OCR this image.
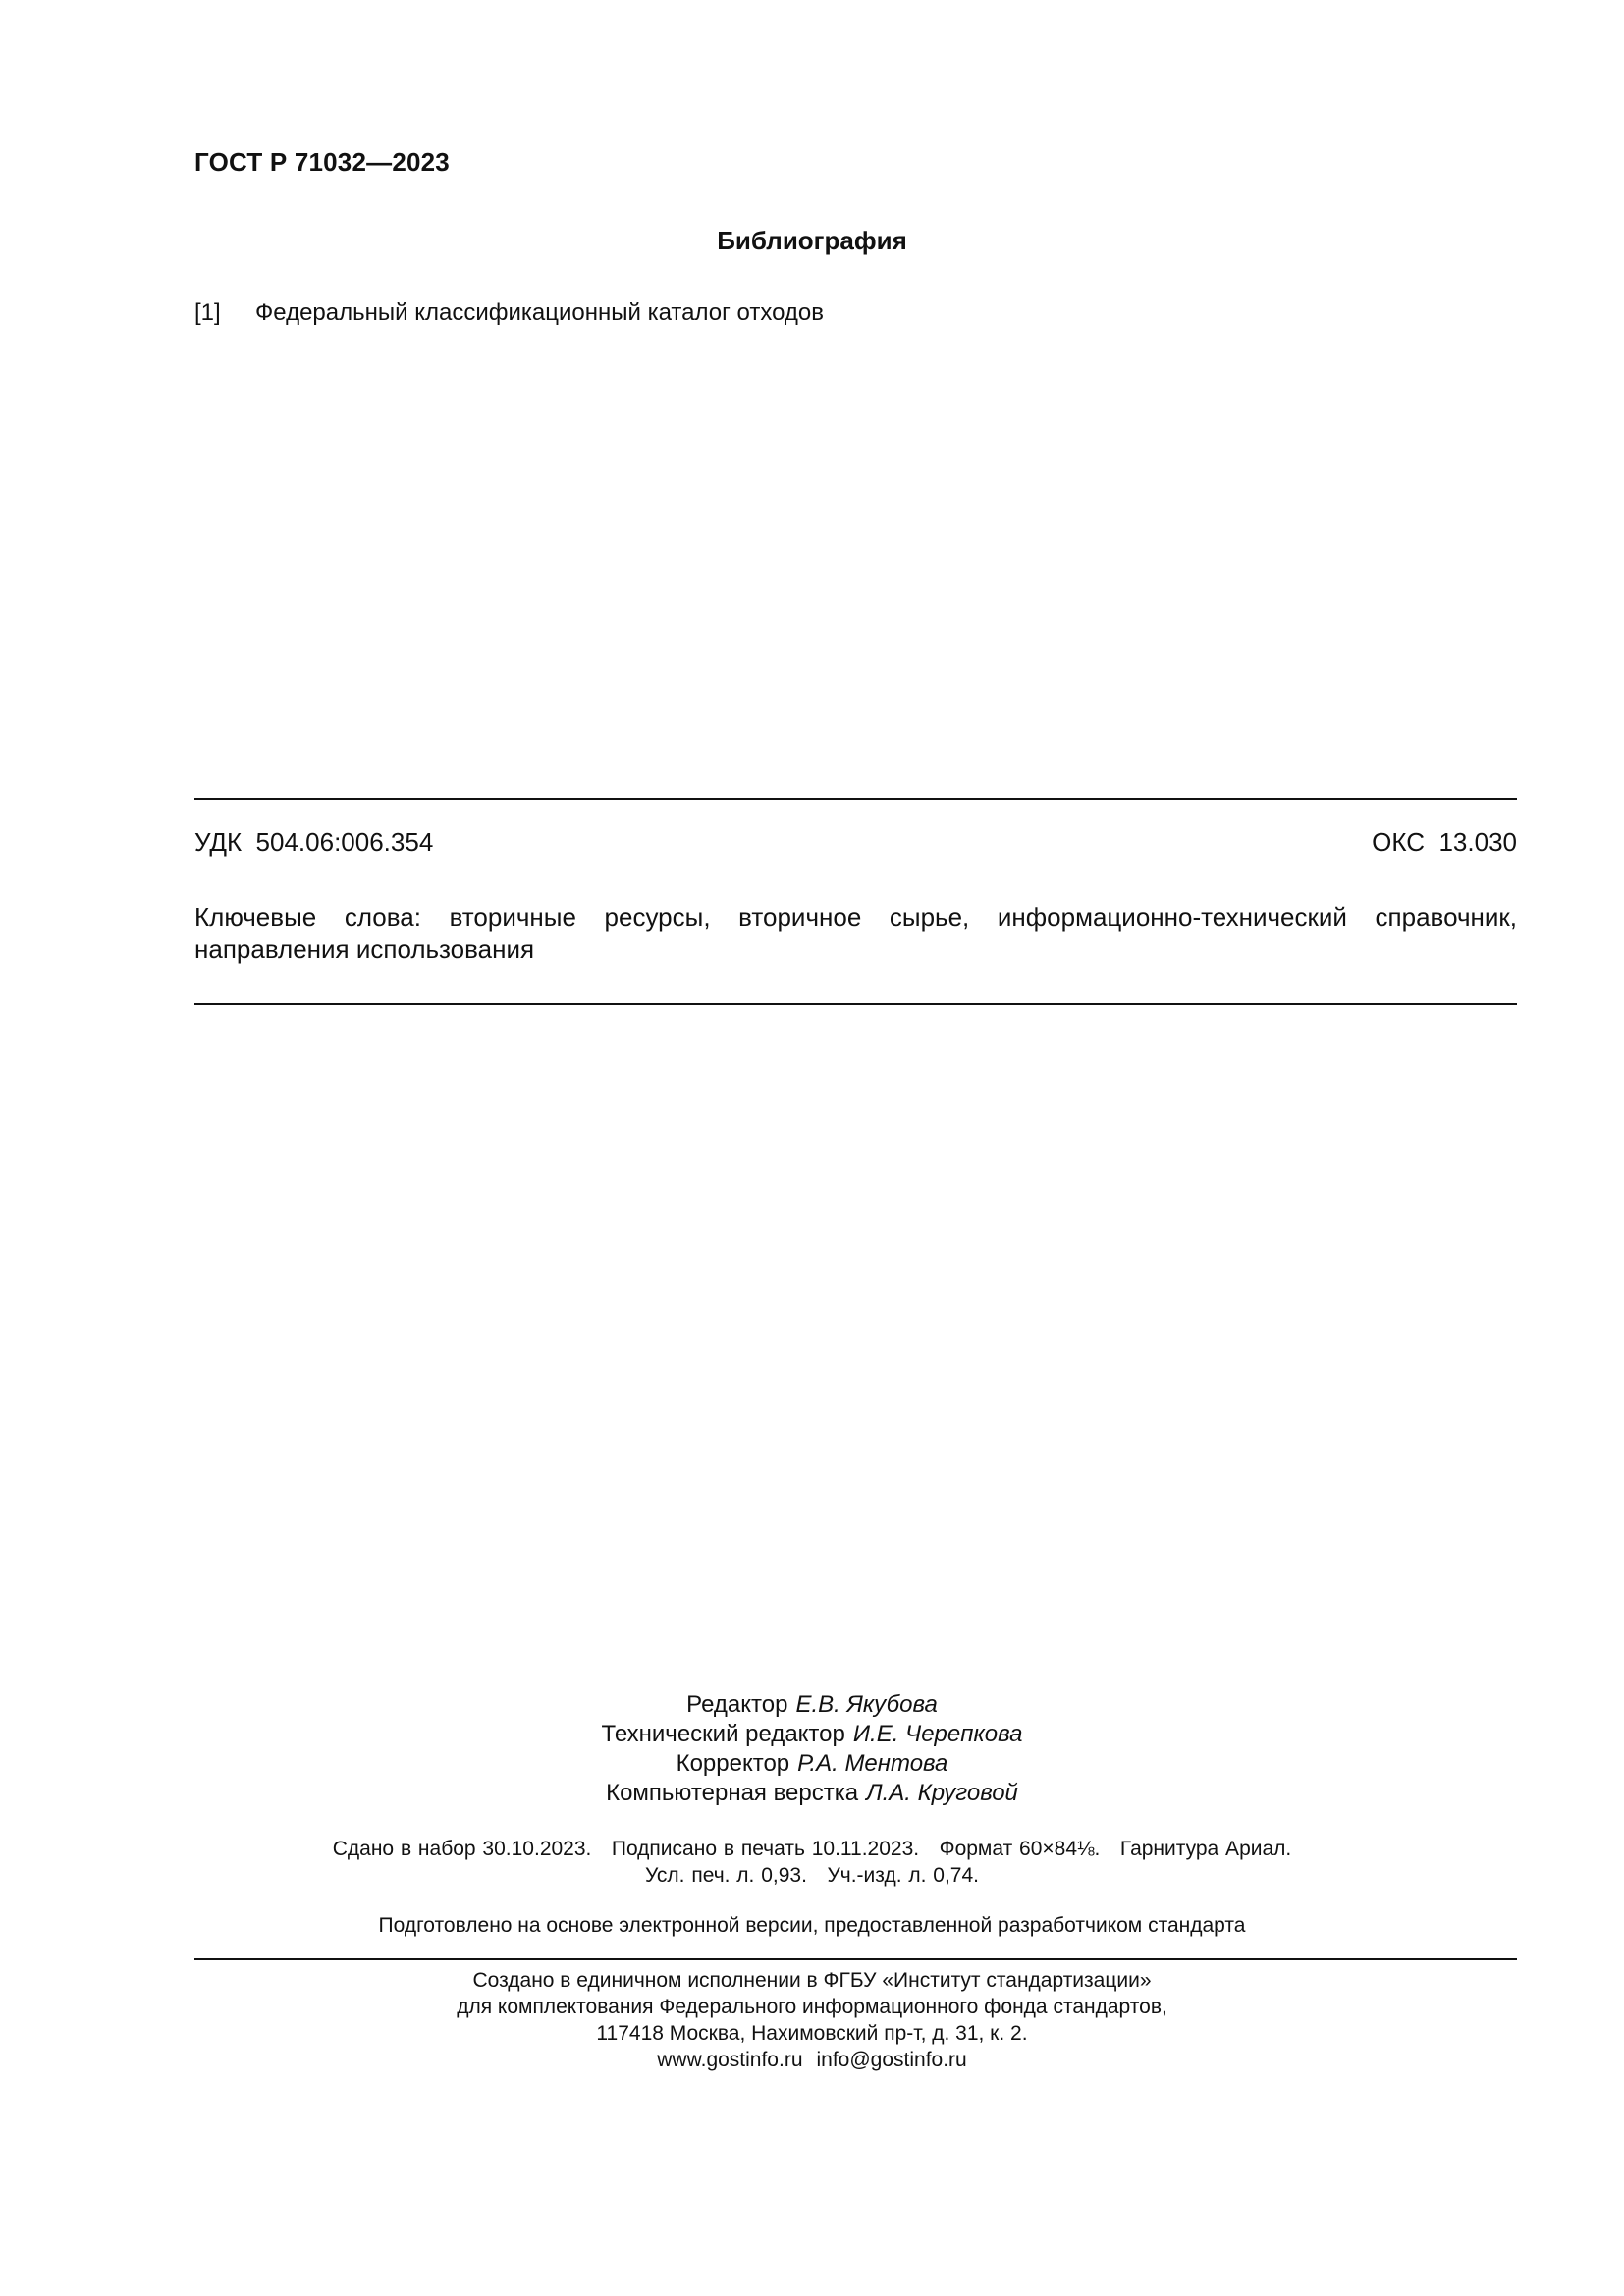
ГОСТ Р 71032—2023
Библиография
[1] Федеральный классификационный каталог отходов
УДК  504.06:006.354	ОКС  13.030
Ключевые слова: вторичные ресурсы, вторичное сырье, информационно-технический справочник, направления использования
Редактор Е.В. Якубова
Технический редактор И.Е. Черепкова
Корректор Р.А. Ментова
Компьютерная верстка Л.А. Круговой
Сдано в набор 30.10.2023.   Подписано в печать 10.11.2023.   Формат 60×84⅛.   Гарнитура Ариал.
Усл. печ. л. 0,93.   Уч.-изд. л. 0,74.
Подготовлено на основе электронной версии, предоставленной разработчиком стандарта
Создано в единичном исполнении в ФГБУ «Институт стандартизации»
для комплектования Федерального информационного фонда стандартов,
117418 Москва, Нахимовский пр-т, д. 31, к. 2.
www.gostinfo.ru info@gostinfo.ru
